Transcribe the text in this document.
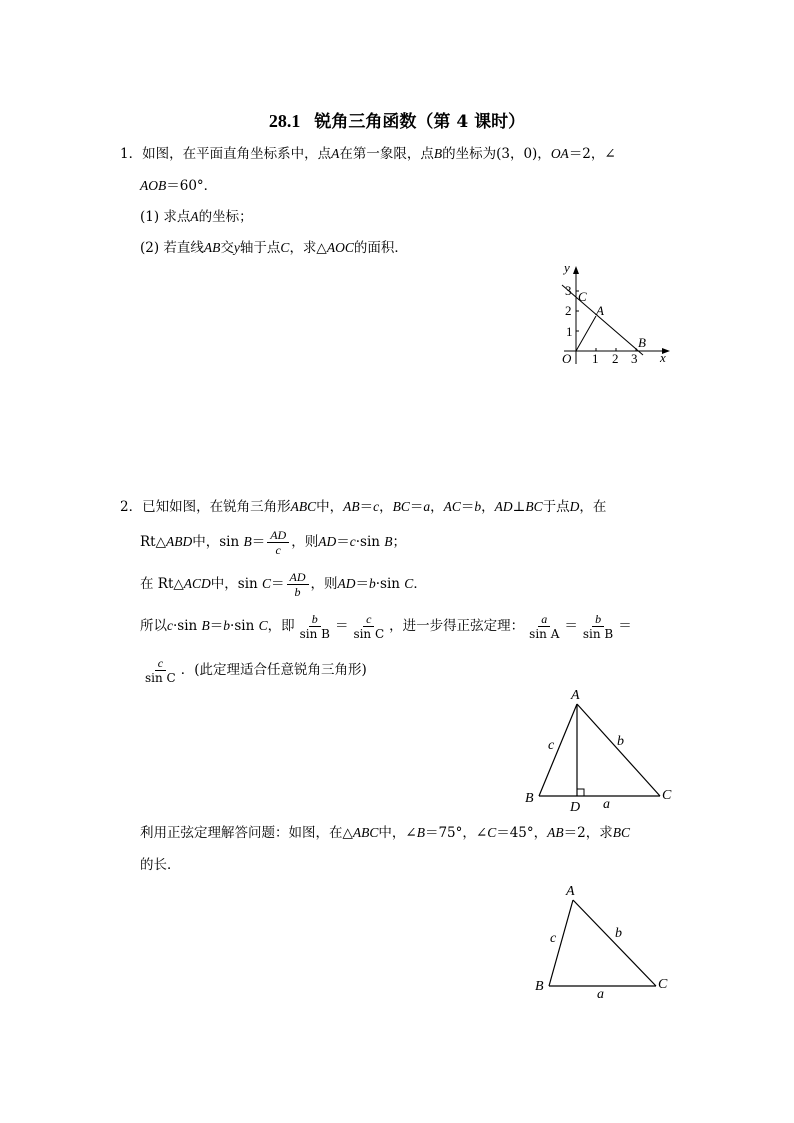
28.1 锐角三角函数（第 4 课时）
1．如图，在平面直角坐标系中，点A在第一象限，点B的坐标为(3，0)，OA＝2，∠
AOB＝60°．
(1) 求点A的坐标；
(2) 若直线AB交y轴于点C，求△AOC的面积．
y
x
O
A
B
C
1 2 3
1
2
3
2．已知如图，在锐角三角形ABC中，AB＝c，BC＝a，AC＝b，AD⊥BC于点D，在
Rt△ABD中，$\sin B= \frac{AD}{c}$ ，则AD＝c·sin B；
在 Rt△ACD中，$\sin C= \frac{AD}{b}$ ，则AD＝b·sin C．
所以c·sin B＝b·sin C，即 $\frac{b}{\text{sin B}} = \frac{c}{\text{sin C}}$ ，进一步得正弦定理： $\frac{a}{\text{sin A}} = \frac{b}{\text{sin B}}$ ＝
$\frac{c}{\text{sin C}}$ ．(此定理适合任意锐角三角形)
A
B	C
D a
b
c
利用正弦定理解答问题：如图，在△ABC中，∠B＝75°，∠C＝45°，AB＝2，求BC
的长．
A
B	C
a
b
c
